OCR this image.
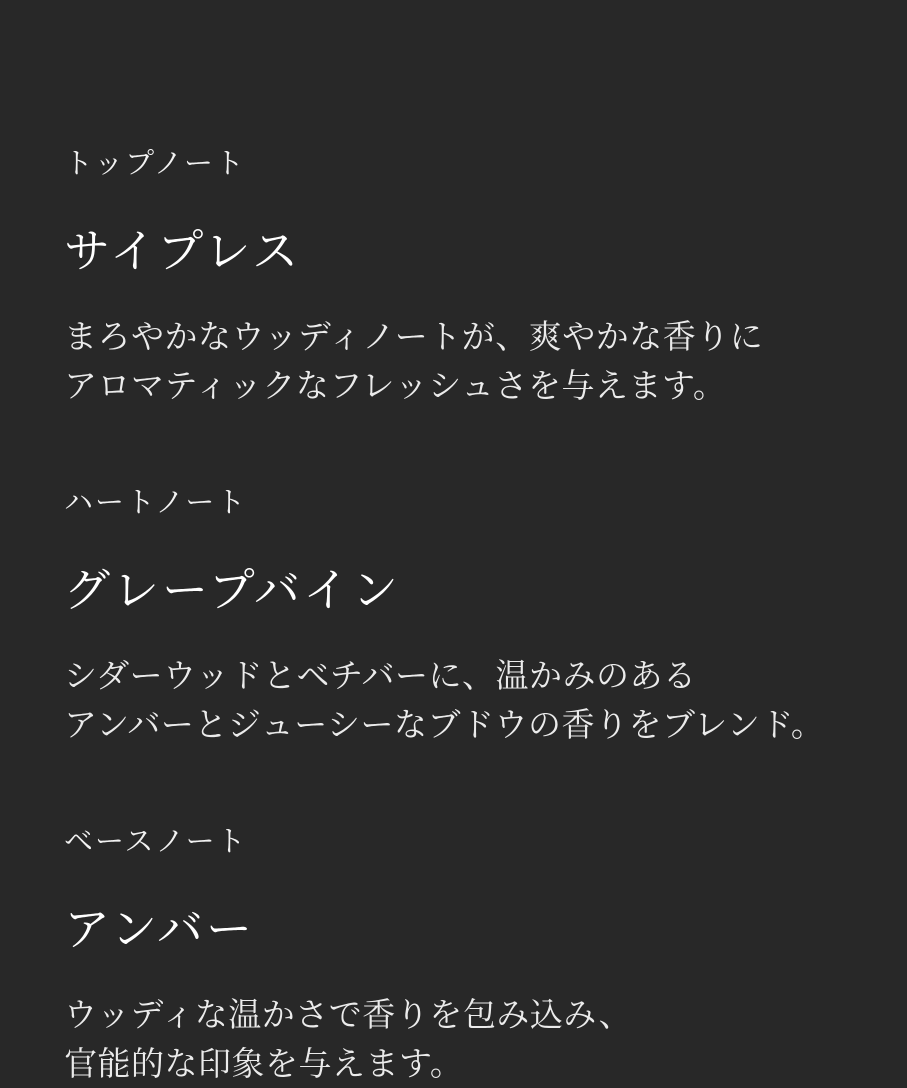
トップノート
サイプレス

まろやかなウッディノートが、爽やかな香りに
アロマティックなフレッシュさを与えます。

ハートノート
グレープバイン

シダーウッドとベチバーに、温かみのある
アンバーとジューシーなブドウの香りをブレンド。

ベースノート
アンバー

ウッディな温かさで香りを包み込み、
官能的な印象を与えます。
